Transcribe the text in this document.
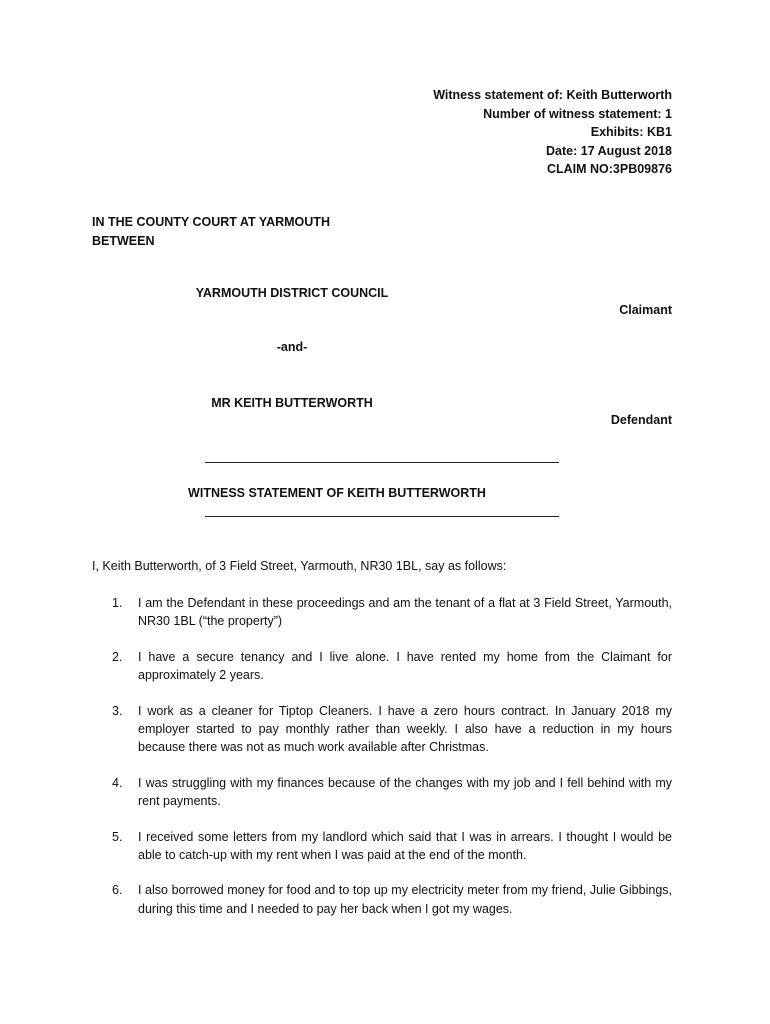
Witness statement of: Keith Butterworth
Number of witness statement: 1
Exhibits: KB1
Date: 17 August 2018
CLAIM NO:3PB09876
IN THE COUNTY COURT AT YARMOUTH
BETWEEN
YARMOUTH DISTRICT COUNCIL
Claimant
-and-
MR KEITH BUTTERWORTH
Defendant
WITNESS STATEMENT OF KEITH BUTTERWORTH
I, Keith Butterworth, of 3 Field Street, Yarmouth, NR30 1BL, say as follows:
1. I am the Defendant in these proceedings and am the tenant of a flat at 3 Field Street, Yarmouth, NR30 1BL (“the property”)
2. I have a secure tenancy and I live alone. I have rented my home from the Claimant for approximately 2 years.
3. I work as a cleaner for Tiptop Cleaners. I have a zero hours contract. In January 2018 my employer started to pay monthly rather than weekly. I also have a reduction in my hours because there was not as much work available after Christmas.
4. I was struggling with my finances because of the changes with my job and I fell behind with my rent payments.
5. I received some letters from my landlord which said that I was in arrears. I thought I would be able to catch-up with my rent when I was paid at the end of the month.
6. I also borrowed money for food and to top up my electricity meter from my friend, Julie Gibbings, during this time and I needed to pay her back when I got my wages.
